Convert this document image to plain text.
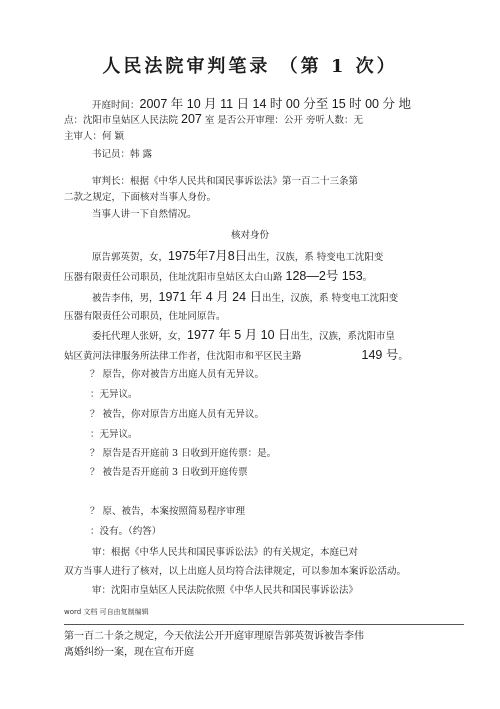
人民法院审判笔录 （第 1 次）
开庭时间：2007 年 10 月 11 日 14 时 00 分至 15 时 00 分 地
点：沈阳市皇姑区人民法院 207 室 是否公开审理：公开 旁听人数：无
主审人：何 颖
书记员：韩 露
审判长：根据《中华人民共和国民事诉讼法》第一百二十三条第
二款之规定，下面核对当事人身份。
当事人讲一下自然情况。
核对身份
原告郭英贺，女，1975年7月8日出生，汉族，系 特变电工沈阳变
压器有限责任公司职员，住址沈阳市皇姑区太白山路 128—2号 153。
被告李伟，男，1971 年 4 月 24 日出生，汉族，系 特变电工沈阳变
压器有限责任公司职员，住址同原告。
委托代理人张妍，女，1977 年 5 月 10 日出生，汉族，系沈阳市皇
姑区黄河法律服务所法律工作者，住沈阳市和平区民主路	149 号。
？ 原告，你对被告方出庭人员有无异议。
：无异议。
？ 被告，你对原告方出庭人员有无异议。
：无异议。
？ 原告是否开庭前 3 日收到开庭传票：是。
？ 被告是否开庭前 3 日收到开庭传票
？ 原、被告，本案按照简易程序审理
：没有。（约答）
审：根据《中华人民共和国民事诉讼法》的有关规定，本庭已对
双方当事人进行了核对，以上出庭人员均符合法律规定，可以参加本案诉讼活动。
审：沈阳市皇姑区人民法院依照《中华人民共和国民事诉讼法》
word 文档 可自由复制编辑
第一百二十条之规定，今天依法公开开庭审理原告郭英贺诉被告李伟
离婚纠纷一案，现在宣布开庭
